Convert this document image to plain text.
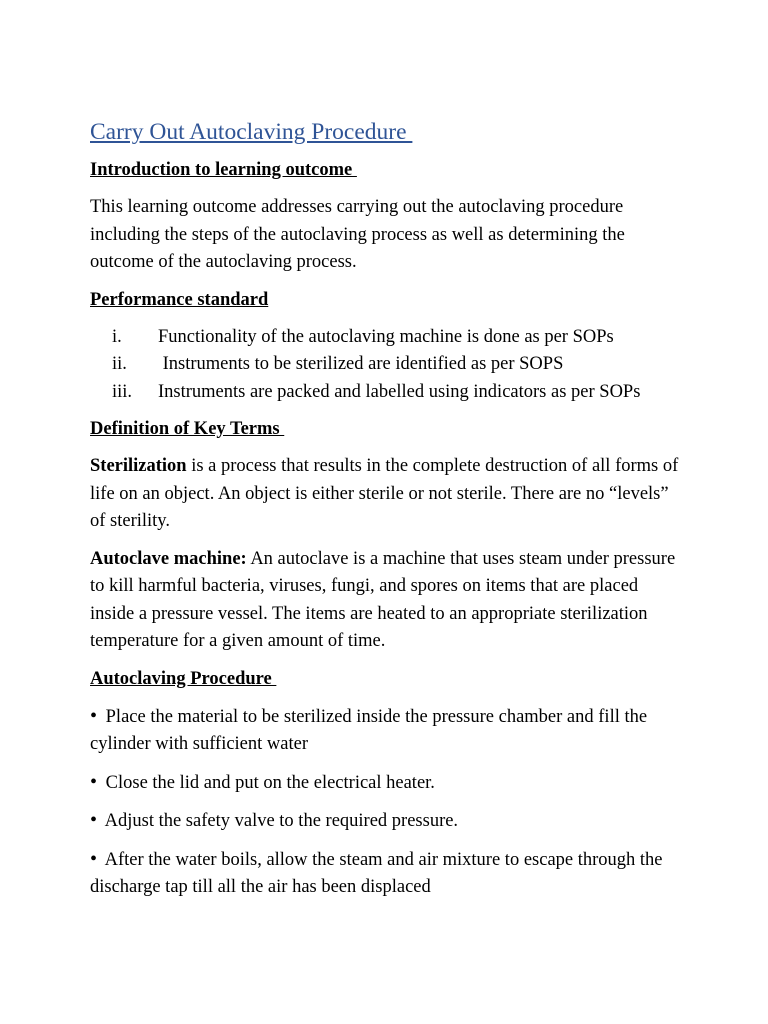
Carry Out Autoclaving Procedure
Introduction to learning outcome

This learning outcome addresses carrying out the autoclaving procedure including the steps of the autoclaving process as well as determining the outcome of the autoclaving process.

Performance standard
i. Functionality of the autoclaving machine is done as per SOPs
ii. Instruments to be sterilized are identified as per SOPS
iii. Instruments are packed and labelled using indicators as per SOPs
Definition of Key Terms

Sterilization is a process that results in the complete destruction of all forms of life on an object. An object is either sterile or not sterile. There are no “levels” of sterility.

Autoclave machine: An autoclave is a machine that uses steam under pressure to kill harmful bacteria, viruses, fungi, and spores on items that are placed inside a pressure vessel. The items are heated to an appropriate sterilization temperature for a given amount of time.

Autoclaving Procedure
• Place the material to be sterilized inside the pressure chamber and fill the cylinder with sufficient water
• Close the lid and put on the electrical heater.
• Adjust the safety valve to the required pressure.
• After the water boils, allow the steam and air mixture to escape through the discharge tap till all the air has been displaced
